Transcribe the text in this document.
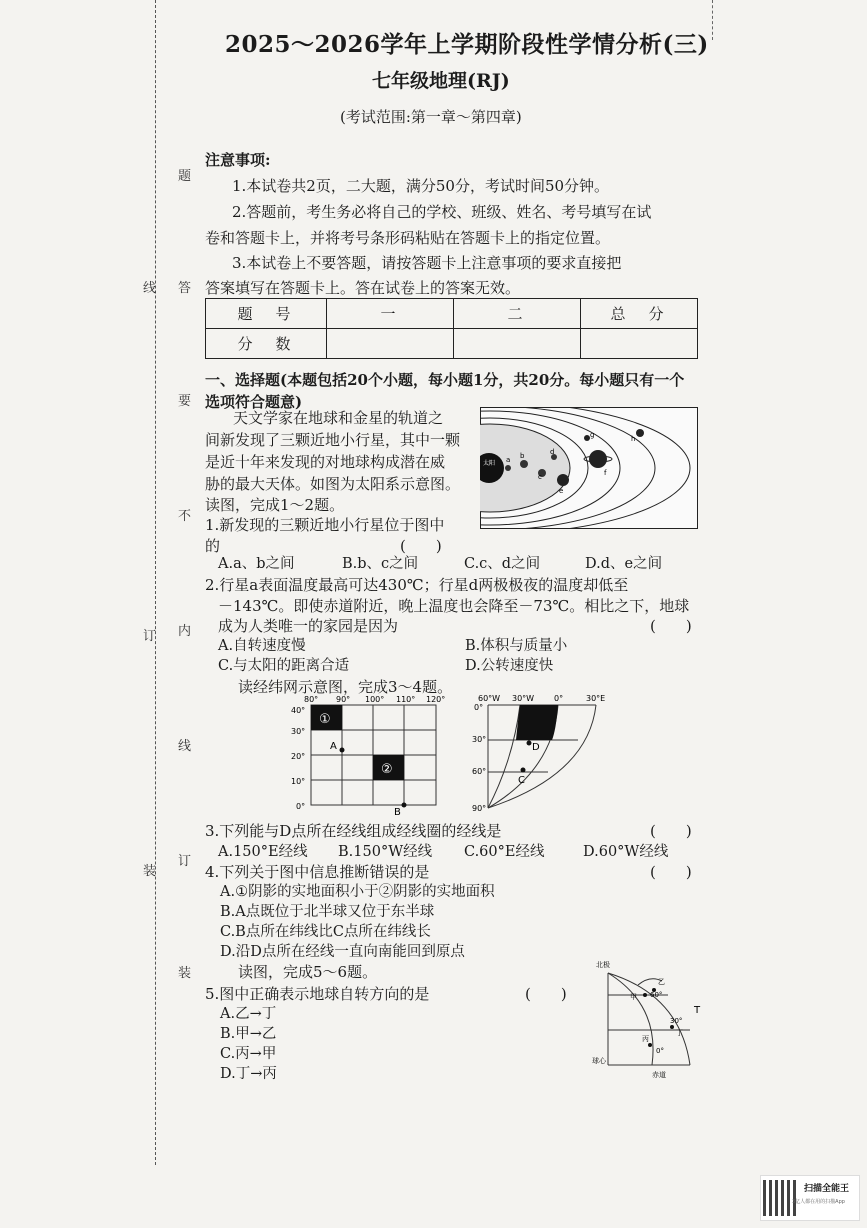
题
答
要
不
内
线
订
装
线
订
装
2025～2026学年上学期阶段性学情分析(三)
七年级地理(RJ)
(考试范围:第一章～第四章)
注意事项:
1.本试卷共2页，二大题，满分50分，考试时间50分钟。
2.答题前，考生务必将自己的学校、班级、姓名、考号填写在试
卷和答题卡上，并将考号条形码粘贴在答题卡上的指定位置。
3.本试卷上不要答题，请按答题卡上注意事项的要求直接把
答案填写在答题卡上。答在试卷上的答案无效。
题　号	一	二	总　分
分　数			
一、选择题(本题包括20个小题，每小题1分，共20分。每小题只有一个
选项符合题意)
天文学家在地球和金星的轨道之
间新发现了三颗近地小行星，其中一颗
是近十年来发现的对地球构成潜在威
胁的最大天体。如图为太阳系示意图。
读图，完成1～2题。
太阳 a b
c
d
e
f
g	h
1.新发现的三颗近地小行星位于图中
的	(　　)
A.a、b之间	B.b、c之间	C.c、d之间	D.d、e之间
2.行星a表面温度最高可达430℃；行星d两极极夜的温度却低至
－143℃。即使赤道附近，晚上温度也会降至－73℃。相比之下，地球
成为人类唯一的家园是因为	(　　)
A.自转速度慢	B.体积与质量小
C.与太阳的距离合适	D.公转速度快
读经纬网示意图，完成3～4题。
①
②
A
B
80° 90° 100° 110° 120°
40°
30°
20°
10°
0°
60°W 30°W 0°	30°E
0°
30°
60°
90°
D
C
3.下列能与D点所在经线组成经线圈的经线是	(　　)
A.150°E经线 B.150°W经线 C.60°E经线	D.60°W经线
4.下列关于图中信息推断错误的是	(　　)
A.①阴影的实地面积小于②阴影的实地面积
B.A点既位于北半球又位于东半球
C.B点所在纬线比C点所在纬线长
D.沿D点所在经线一直向南能回到原点
读图，完成5～6题。
5.图中正确表示地球自转方向的是	(　　)
A.乙→丁
B.甲→乙
C.丙→甲
D.丁→丙
北极
球心
赤道
乙
甲
丙
丁
60°
30°
0°
T
扫描全能王
3亿人都在用的扫描App
